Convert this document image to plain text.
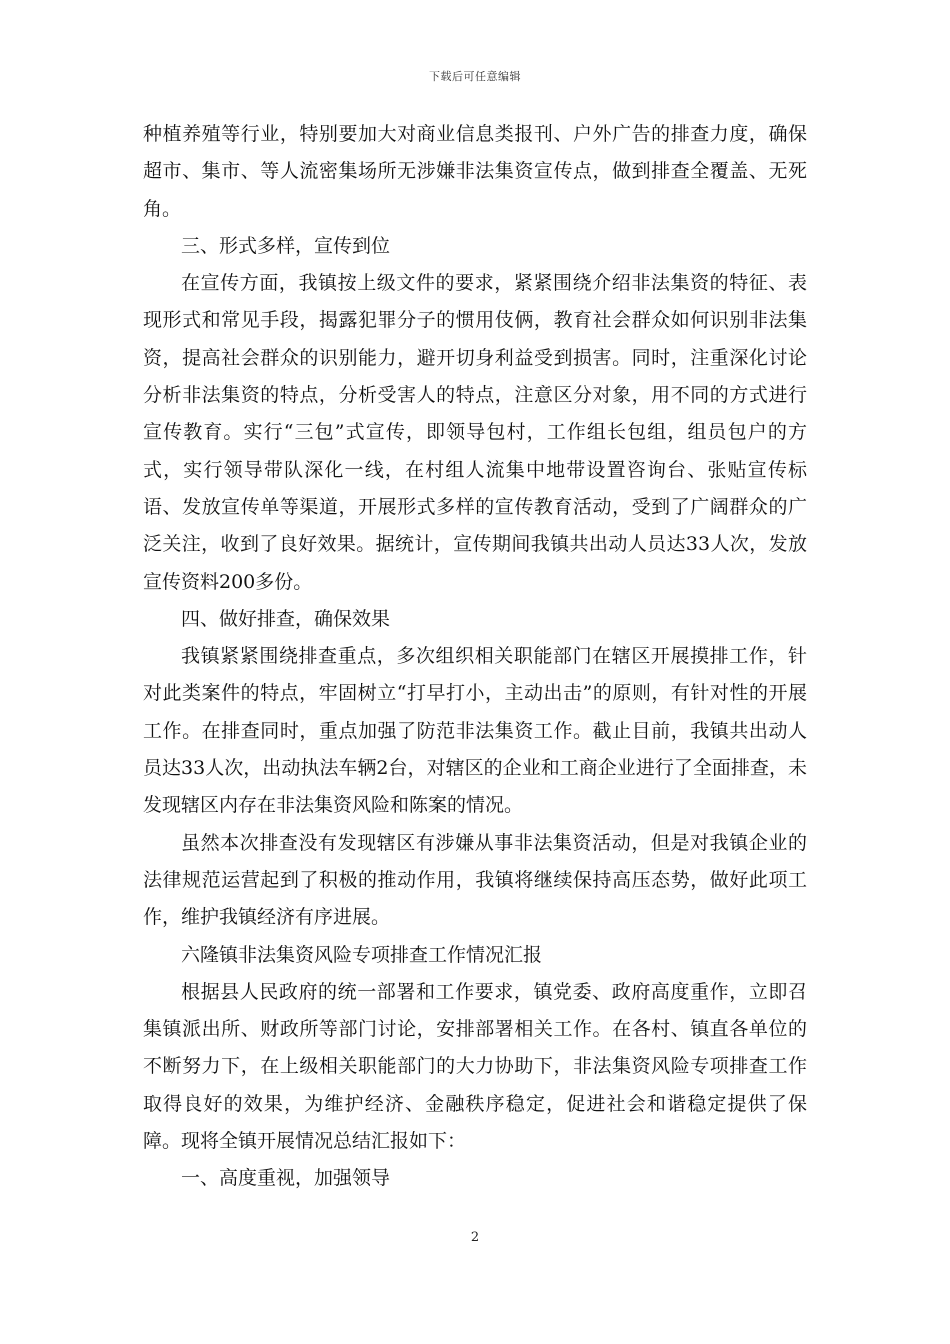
下载后可任意编辑

种植养殖等行业，特别要加大对商业信息类报刊、户外广告的排查力度，确保超市、集市、等人流密集场所无涉嫌非法集资宣传点，做到排查全覆盖、无死角。

三、形式多样，宣传到位

在宣传方面，我镇按上级文件的要求，紧紧围绕介绍非法集资的特征、表现形式和常见手段，揭露犯罪分子的惯用伎俩，教育社会群众如何识别非法集资，提高社会群众的识别能力，避开切身利益受到损害。同时，注重深化讨论分析非法集资的特点，分析受害人的特点，注意区分对象，用不同的方式进行宣传教育。实行“三包”式宣传，即领导包村，工作组长包组，组员包户的方式，实行领导带队深化一线，在村组人流集中地带设置咨询台、张贴宣传标语、发放宣传单等渠道，开展形式多样的宣传教育活动，受到了广阔群众的广泛关注，收到了良好效果。据统计，宣传期间我镇共出动人员达33人次，发放宣传资料200多份。

四、做好排查，确保效果

我镇紧紧围绕排查重点，多次组织相关职能部门在辖区开展摸排工作，针对此类案件的特点，牢固树立“打早打小，主动出击”的原则，有针对性的开展工作。在排查同时，重点加强了防范非法集资工作。截止目前，我镇共出动人员达33人次，出动执法车辆2台，对辖区的企业和工商企业进行了全面排查，未发现辖区内存在非法集资风险和陈案的情况。

虽然本次排查没有发现辖区有涉嫌从事非法集资活动，但是对我镇企业的法律规范运营起到了积极的推动作用，我镇将继续保持高压态势，做好此项工作，维护我镇经济有序进展。

六隆镇非法集资风险专项排查工作情况汇报

根据县人民政府的统一部署和工作要求，镇党委、政府高度重作，立即召集镇派出所、财政所等部门讨论，安排部署相关工作。在各村、镇直各单位的不断努力下，在上级相关职能部门的大力协助下，非法集资风险专项排查工作取得良好的效果，为维护经济、金融秩序稳定，促进社会和谐稳定提供了保障。现将全镇开展情况总结汇报如下：

一、高度重视，加强领导

2
